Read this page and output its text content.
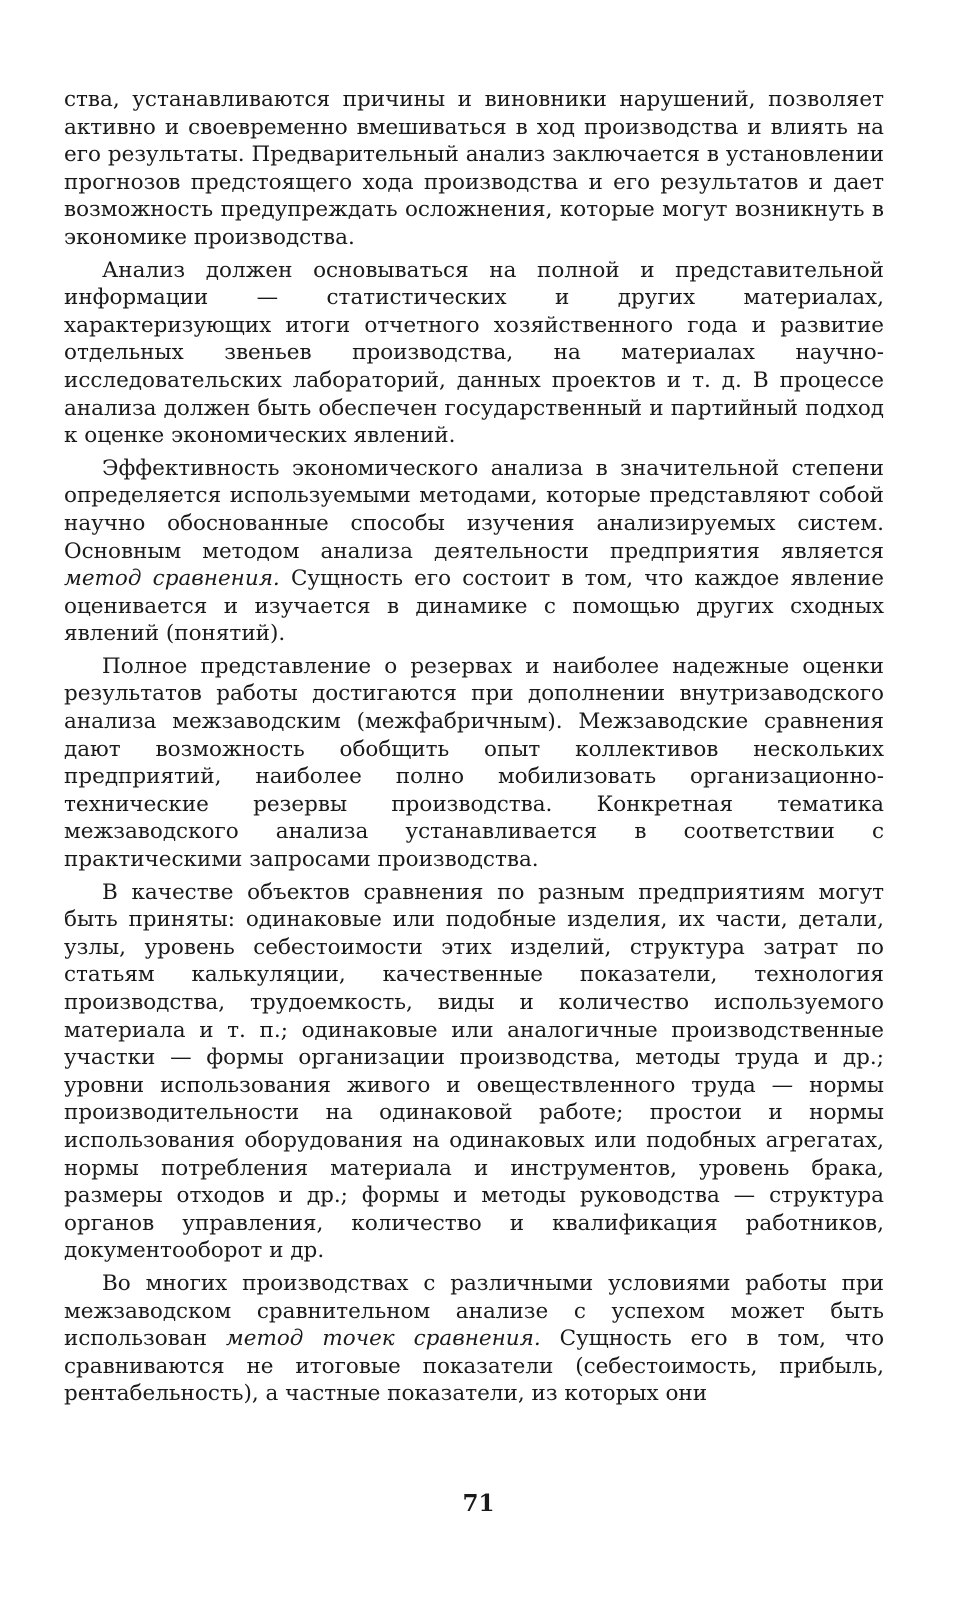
ства, устанавливаются причины и виновники нарушений, позволяет активно и своевременно вмешиваться в ход производства и влиять на его результаты. Предварительный анализ заключается в установлении прогнозов предстоящего хода производства и его результатов и дает возможность предупреждать осложнения, которые могут возникнуть в экономике производства.

Анализ должен основываться на полной и представительной информации — статистических и других материалах, характеризующих итоги отчетного хозяйственного года и развитие отдельных звеньев производства, на материалах научно-исследовательских лабораторий, данных проектов и т. д. В процессе анализа должен быть обеспечен государственный и партийный подход к оценке экономических явлений.

Эффективность экономического анализа в значительной степени определяется используемыми методами, которые представляют собой научно обоснованные способы изучения анализируемых систем. Основным методом анализа деятельности предприятия является метод сравнения. Сущность его состоит в том, что каждое явление оценивается и изучается в динамике с помощью других сходных явлений (понятий).

Полное представление о резервах и наиболее надежные оценки результатов работы достигаются при дополнении внутризаводского анализа межзаводским (межфабричным). Межзаводские сравнения дают возможность обобщить опыт коллективов нескольких предприятий, наиболее полно мобилизовать организационно-технические резервы производства. Конкретная тематика межзаводского анализа устанавливается в соответствии с практическими запросами производства.

В качестве объектов сравнения по разным предприятиям могут быть приняты: одинаковые или подобные изделия, их части, детали, узлы, уровень себестоимости этих изделий, структура затрат по статьям калькуляции, качественные показатели, технология производства, трудоемкость, виды и количество используемого материала и т. п.; одинаковые или аналогичные производственные участки — формы организации производства, методы труда и др.; уровни использования живого и овеществленного труда — нормы производительности на одинаковой работе; простои и нормы использования оборудования на одинаковых или подобных агрегатах, нормы потребления материала и инструментов, уровень брака, размеры отходов и др.; формы и методы руководства — структура органов управления, количество и квалификация работников, документооборот и др.

Во многих производствах с различными условиями работы при межзаводском сравнительном анализе с успехом может быть использован метод точек сравнения. Сущность его в том, что сравниваются не итоговые показатели (себестоимость, прибыль, рентабельность), а частные показатели, из которых они

71
